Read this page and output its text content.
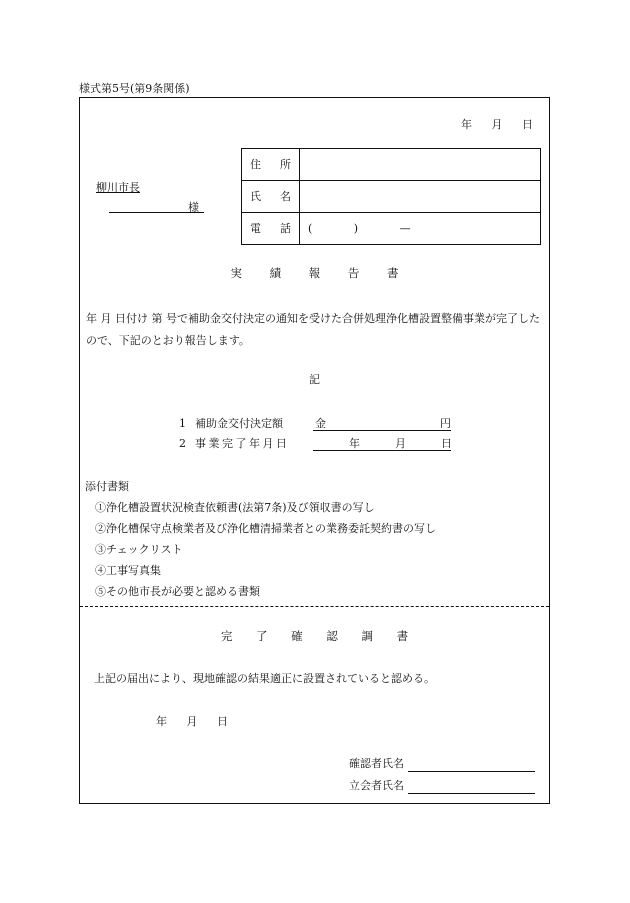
様式第5号(第9条関係)
年 月 日
柳川市長
様
住 所
氏 名
電 話 ( ) —
実 績 報 告 書
年 月 日付け 第 号で補助金交付決定の通知を受けた合併処理浄化槽設置整備事業が完了したので、下記のとおり報告します。
記
1 補助金交付決定額	金	円

2 事業完了年月日	年	月	日

添付書類
①浄化槽設置状況検査依頼書(法第7条)及び領収書の写し
②浄化槽保守点検業者及び浄化槽清掃業者との業務委託契約書の写し
③チェックリスト
④工事写真集
⑤その他市長が必要と認める書類
完 了 確 認 調 書
上記の届出により、現地確認の結果適正に設置されていると認める。
年 月 日
確認者氏名
立会者氏名
